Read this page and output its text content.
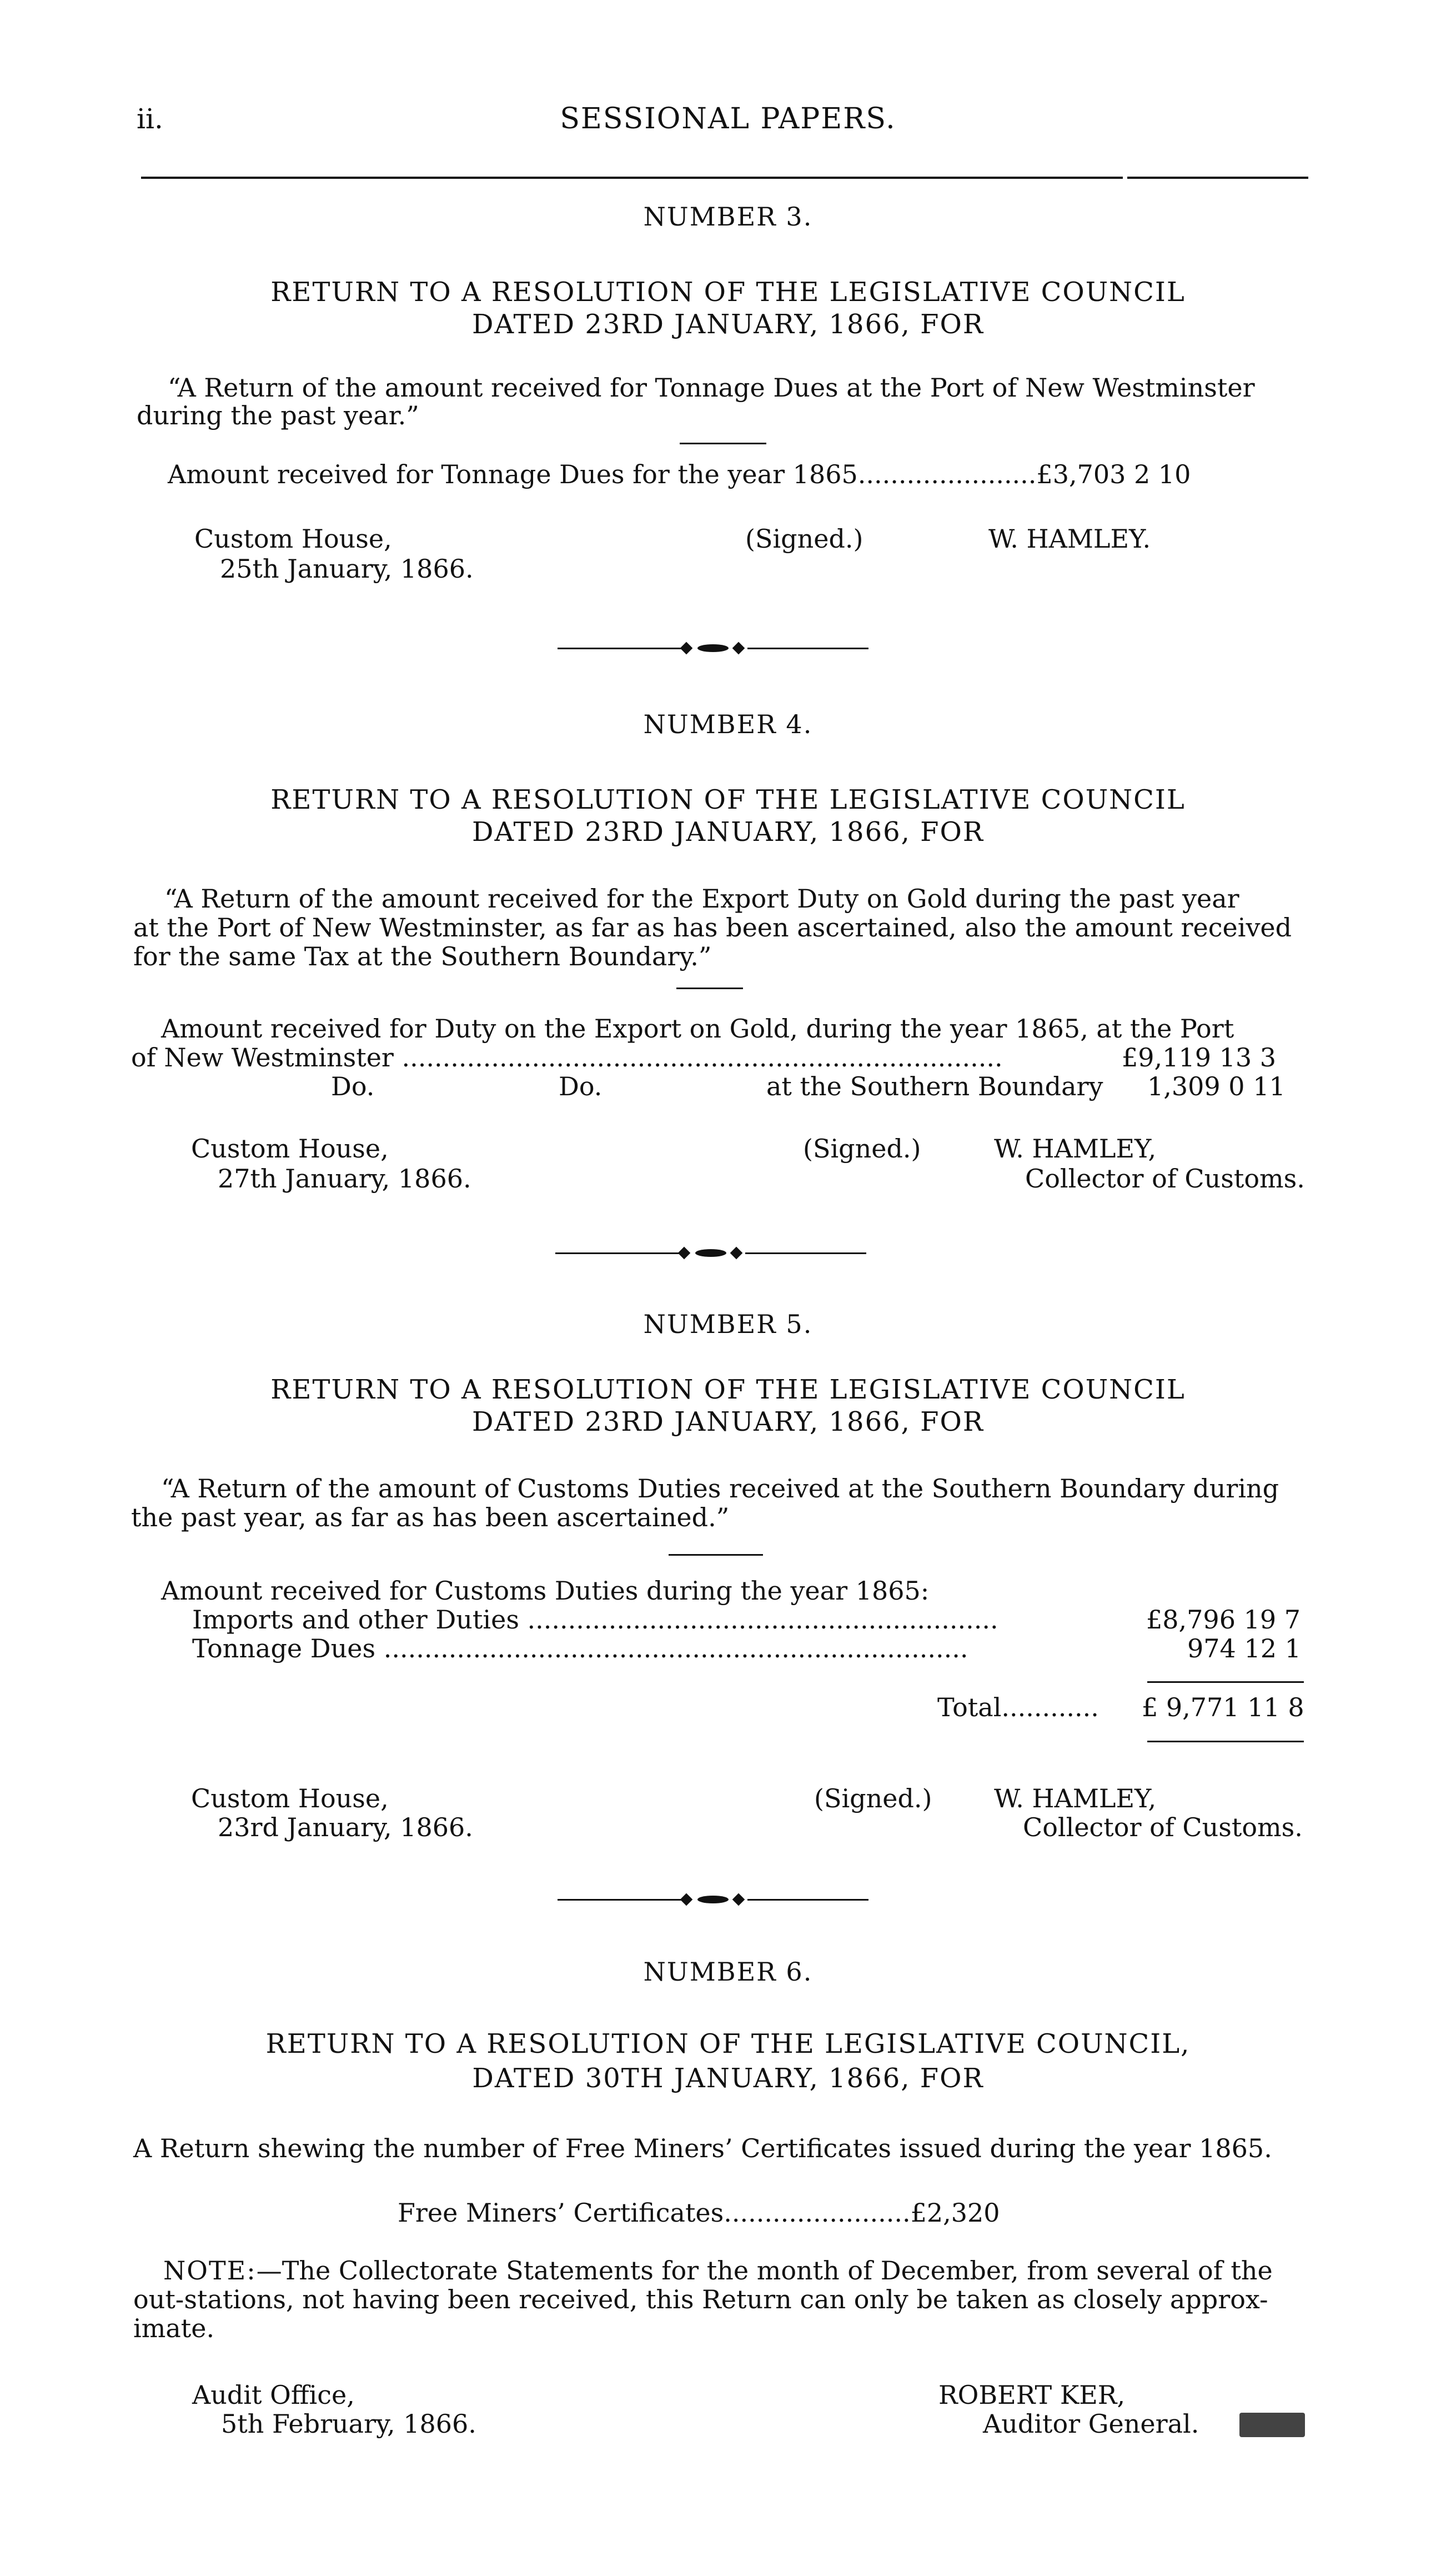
ii.	SESSIONAL PAPERS.
NUMBER 3.
RETURN TO A RESOLUTION OF THE LEGISLATIVE COUNCIL
DATED 23RD JANUARY, 1866, FOR
“A Return of the amount received for Tonnage Dues at the Port of New Westminster
during the past year.”
Amount received for Tonnage Dues for the year 1865......................£3,703 2 10
Custom House,
25th January, 1866.
(Signed.)	W. HAMLEY.
NUMBER 4.
RETURN TO A RESOLUTION OF THE LEGISLATIVE COUNCIL
DATED 23RD JANUARY, 1866, FOR
“A Return of the amount received for the Export Duty on Gold during the past year
at the Port of New Westminster, as far as has been ascertained, also the amount received
for the same Tax at the Southern Boundary.”
Amount received for Duty on the Export on Gold, during the year 1865, at the Port
of New Westminster ..........................................................................	£9,119 13 3
Do.	Do.	at the Southern Boundary 1,309 0 11
Custom House,
27th January, 1866.
(Signed.)	W. HAMLEY,
Collector of Customs.
NUMBER 5.
RETURN TO A RESOLUTION OF THE LEGISLATIVE COUNCIL
DATED 23RD JANUARY, 1866, FOR
“A Return of the amount of Customs Duties received at the Southern Boundary during
the past year, as far as has been ascertained.”
Amount received for Customs Duties during the year 1865:
Imports and other Duties ..........................................................	£8,796 19 7
Tonnage Dues ........................................................................	974 12 1
Total............ £ 9,771 11 8
Custom House,
23rd January, 1866.
(Signed.) W. HAMLEY,
Collector of Customs.
NUMBER 6.
RETURN TO A RESOLUTION OF THE LEGISLATIVE COUNCIL,
DATED 30TH JANUARY, 1866, FOR
A Return shewing the number of Free Miners’ Certificates issued during the year 1865.
Free Miners’ Certificates.......................£2,320
NOTE:—The Collectorate Statements for the month of December, from several of the
out-stations, not having been received, this Return can only be taken as closely approx-
imate.
Audit Office,
5th February, 1866.
ROBERT KER,
Auditor General.
